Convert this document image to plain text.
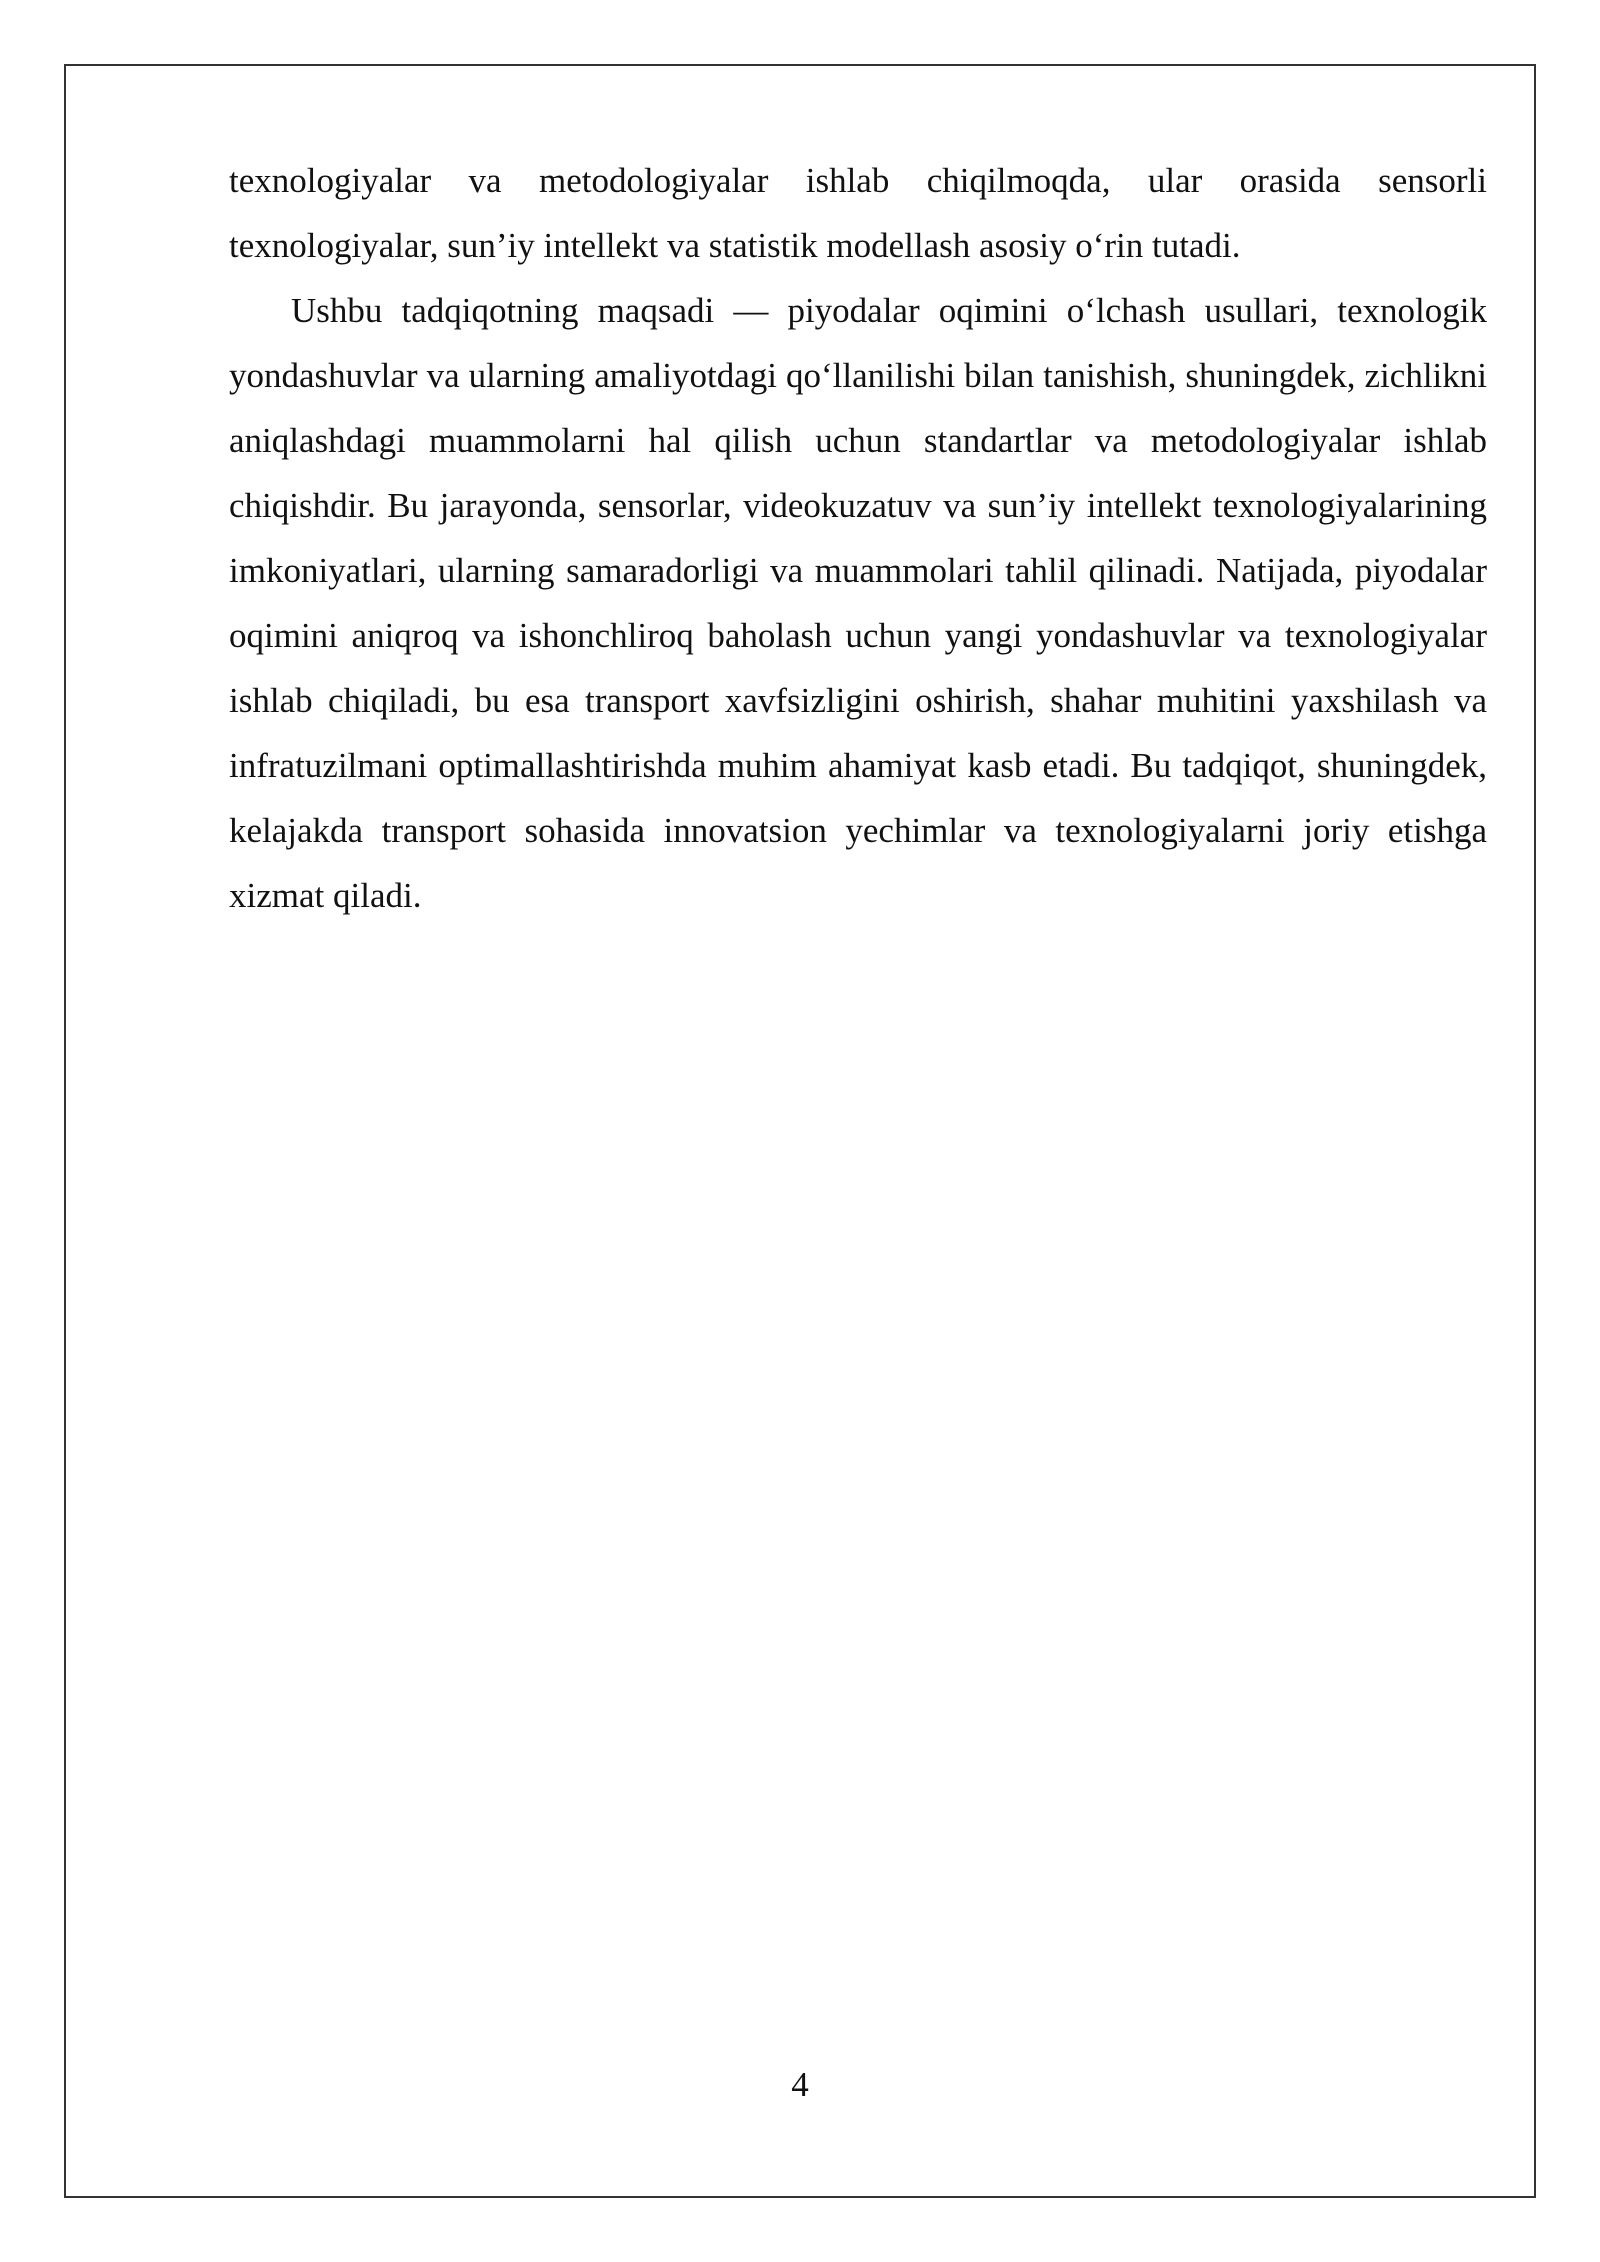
texnologiyalar va metodologiyalar ishlab chiqilmoqda, ular orasida sensorli texnologiyalar, sun’iy intellekt va statistik modellash asosiy o‘rin tutadi.

Ushbu tadqiqotning maqsadi — piyodalar oqimini o‘lchash usullari, texnologik yondashuvlar va ularning amaliyotdagi qo‘llanilishi bilan tanishish, shuningdek, zichlikni aniqlashdagi muammolarni hal qilish uchun standartlar va metodologiyalar ishlab chiqishdir. Bu jarayonda, sensorlar, videokuzatuv va sun’iy intellekt texnologiyalarining imkoniyatlari, ularning samaradorligi va muammolari tahlil qilinadi. Natijada, piyodalar oqimini aniqroq va ishonchliroq baholash uchun yangi yondashuvlar va texnologiyalar ishlab chiqiladi, bu esa transport xavfsizligini oshirish, shahar muhitini yaxshilash va infratuzilmani optimallashtirishda muhim ahamiyat kasb etadi. Bu tadqiqot, shuningdek, kelajakda transport sohasida innovatsion yechimlar va texnologiyalarni joriy etishga xizmat qiladi.

4
